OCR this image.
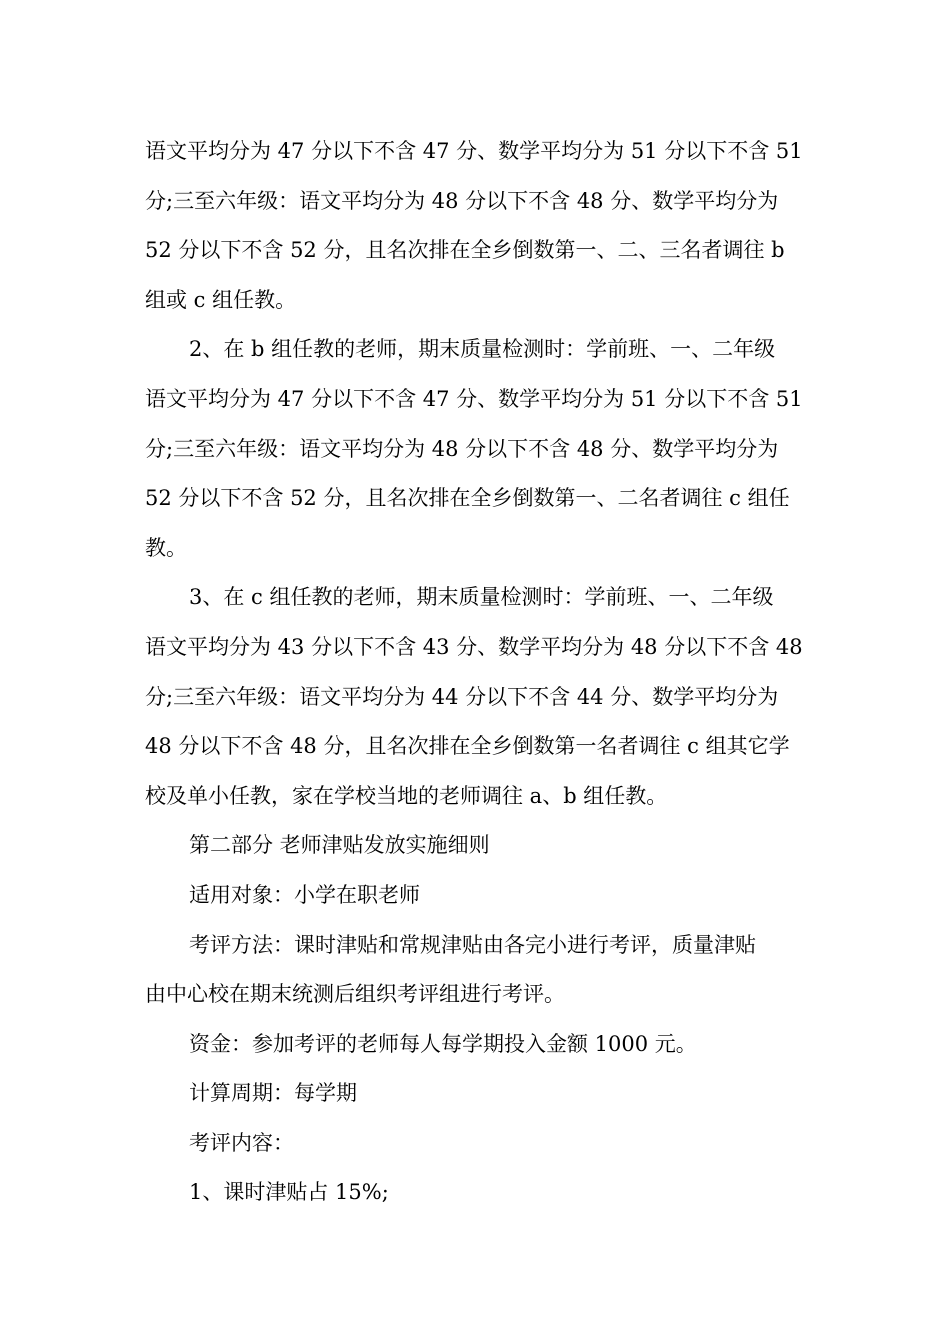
语文平均分为 47 分以下不含 47 分、数学平均分为 51 分以下不含 51
分;三至六年级：语文平均分为 48 分以下不含 48 分、数学平均分为
52 分以下不含 52 分，且名次排在全乡倒数第一、二、三名者调往 b
组或 c 组任教。
2、在 b 组任教的老师，期末质量检测时：学前班、一、二年级
语文平均分为 47 分以下不含 47 分、数学平均分为 51 分以下不含 51
分;三至六年级：语文平均分为 48 分以下不含 48 分、数学平均分为
52 分以下不含 52 分，且名次排在全乡倒数第一、二名者调往 c 组任
教。
3、在 c 组任教的老师，期末质量检测时：学前班、一、二年级
语文平均分为 43 分以下不含 43 分、数学平均分为 48 分以下不含 48
分;三至六年级：语文平均分为 44 分以下不含 44 分、数学平均分为
48 分以下不含 48 分，且名次排在全乡倒数第一名者调往 c 组其它学
校及单小任教，家在学校当地的老师调往 a、b 组任教。
第二部分 老师津贴发放实施细则
适用对象：小学在职老师
考评方法：课时津贴和常规津贴由各完小进行考评，质量津贴
由中心校在期末统测后组织考评组进行考评。
资金：参加考评的老师每人每学期投入金额 1000 元。
计算周期：每学期
考评内容：
1、课时津贴占 15%;
